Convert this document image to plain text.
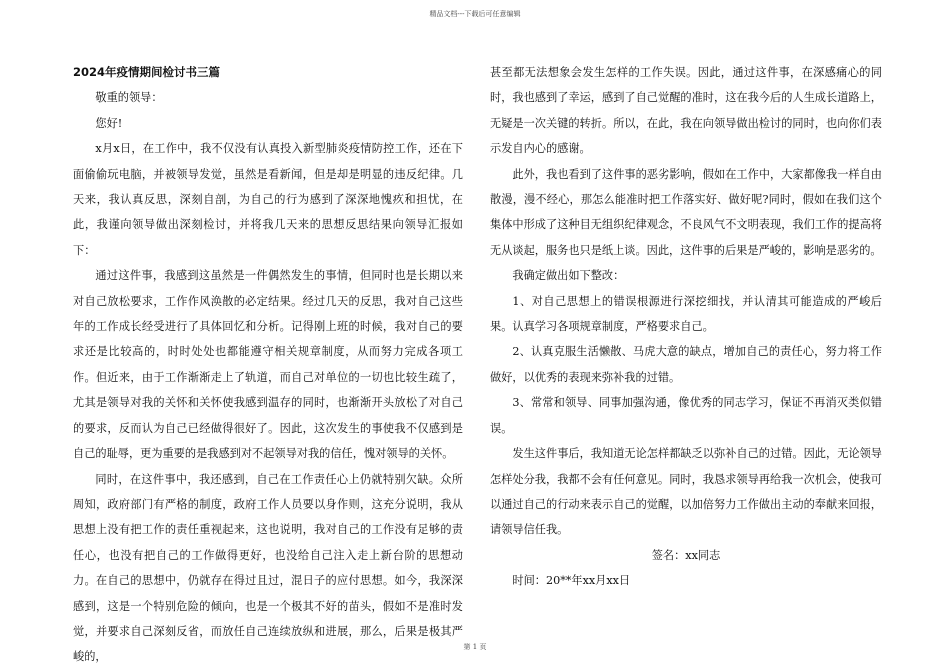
精品文档---下载后可任意编辑

2024年疫情期间检讨书三篇

敬重的领导：

您好!

x月x日，在工作中，我不仅没有认真投入新型肺炎疫情防控工作，还在下面偷偷玩电脑，并被领导发觉，虽然是看新闻，但是却是明显的违反纪律。几天来，我认真反思，深刻自剖，为自己的行为感到了深深地愧疚和担忧，在此，我谨向领导做出深刻检讨，并将我几天来的思想反思结果向领导汇报如下：

通过这件事，我感到这虽然是一件偶然发生的事情，但同时也是长期以来对自己放松要求，工作作风涣散的必定结果。经过几天的反思，我对自己这些年的工作成长经受进行了具体回忆和分析。记得刚上班的时候，我对自己的要求还是比较高的，时时处处也都能遵守相关规章制度，从而努力完成各项工作。但近来，由于工作渐渐走上了轨道，而自己对单位的一切也比较生疏了，尤其是领导对我的关怀和关怀使我感到温存的同时，也渐渐开头放松了对自己的要求，反而认为自己已经做得很好了。因此，这次发生的事使我不仅感到是自己的耻辱，更为重要的是我感到对不起领导对我的信任，愧对领导的关怀。

同时，在这件事中，我还感到，自己在工作责任心上仍就特别欠缺。众所周知，政府部门有严格的制度，政府工作人员要以身作则，这充分说明，我从思想上没有把工作的责任重视起来，这也说明，我对自己的工作没有足够的责任心，也没有把自己的工作做得更好，也没给自己注入走上新台阶的思想动力。在自己的思想中，仍就存在得过且过，混日子的应付思想。如今，我深深感到，这是一个特别危险的倾向，也是一个极其不好的苗头，假如不是准时发觉，并要求自己深刻反省，而放任自己连续放纵和进展，那么，后果是极其严峻的，

甚至都无法想象会发生怎样的工作失误。因此，通过这件事，在深感痛心的同时，我也感到了幸运，感到了自己觉醒的准时，这在我今后的人生成长道路上，无疑是一次关键的转折。所以，在此，我在向领导做出检讨的同时，也向你们表示发自内心的感谢。

此外，我也看到了这件事的恶劣影响，假如在工作中，大家都像我一样自由散漫，漫不经心，那怎么能准时把工作落实好、做好呢?同时，假如在我们这个集体中形成了这种目无组织纪律观念，不良风气不文明表现，我们工作的提高将无从谈起，服务也只是纸上谈。因此，这件事的后果是严峻的，影响是恶劣的。

我确定做出如下整改：

1、对自己思想上的错误根源进行深挖细找，并认清其可能造成的严峻后果。认真学习各项规章制度，严格要求自己。

2、认真克服生活懒散、马虎大意的缺点，增加自己的责任心，努力将工作做好，以优秀的表现来弥补我的过错。

3、常常和领导、同事加强沟通，像优秀的同志学习，保证不再消灭类似错误。

发生这件事后，我知道无论怎样都缺乏以弥补自己的过错。因此，无论领导怎样处分我，我都不会有任何意见。同时，我恳求领导再给我一次机会，使我可以通过自己的行动来表示自己的觉醒，以加倍努力工作做出主动的奉献来回报，请领导信任我。

签名：xx同志

时间：20**年xx月xx日

第 1 页
